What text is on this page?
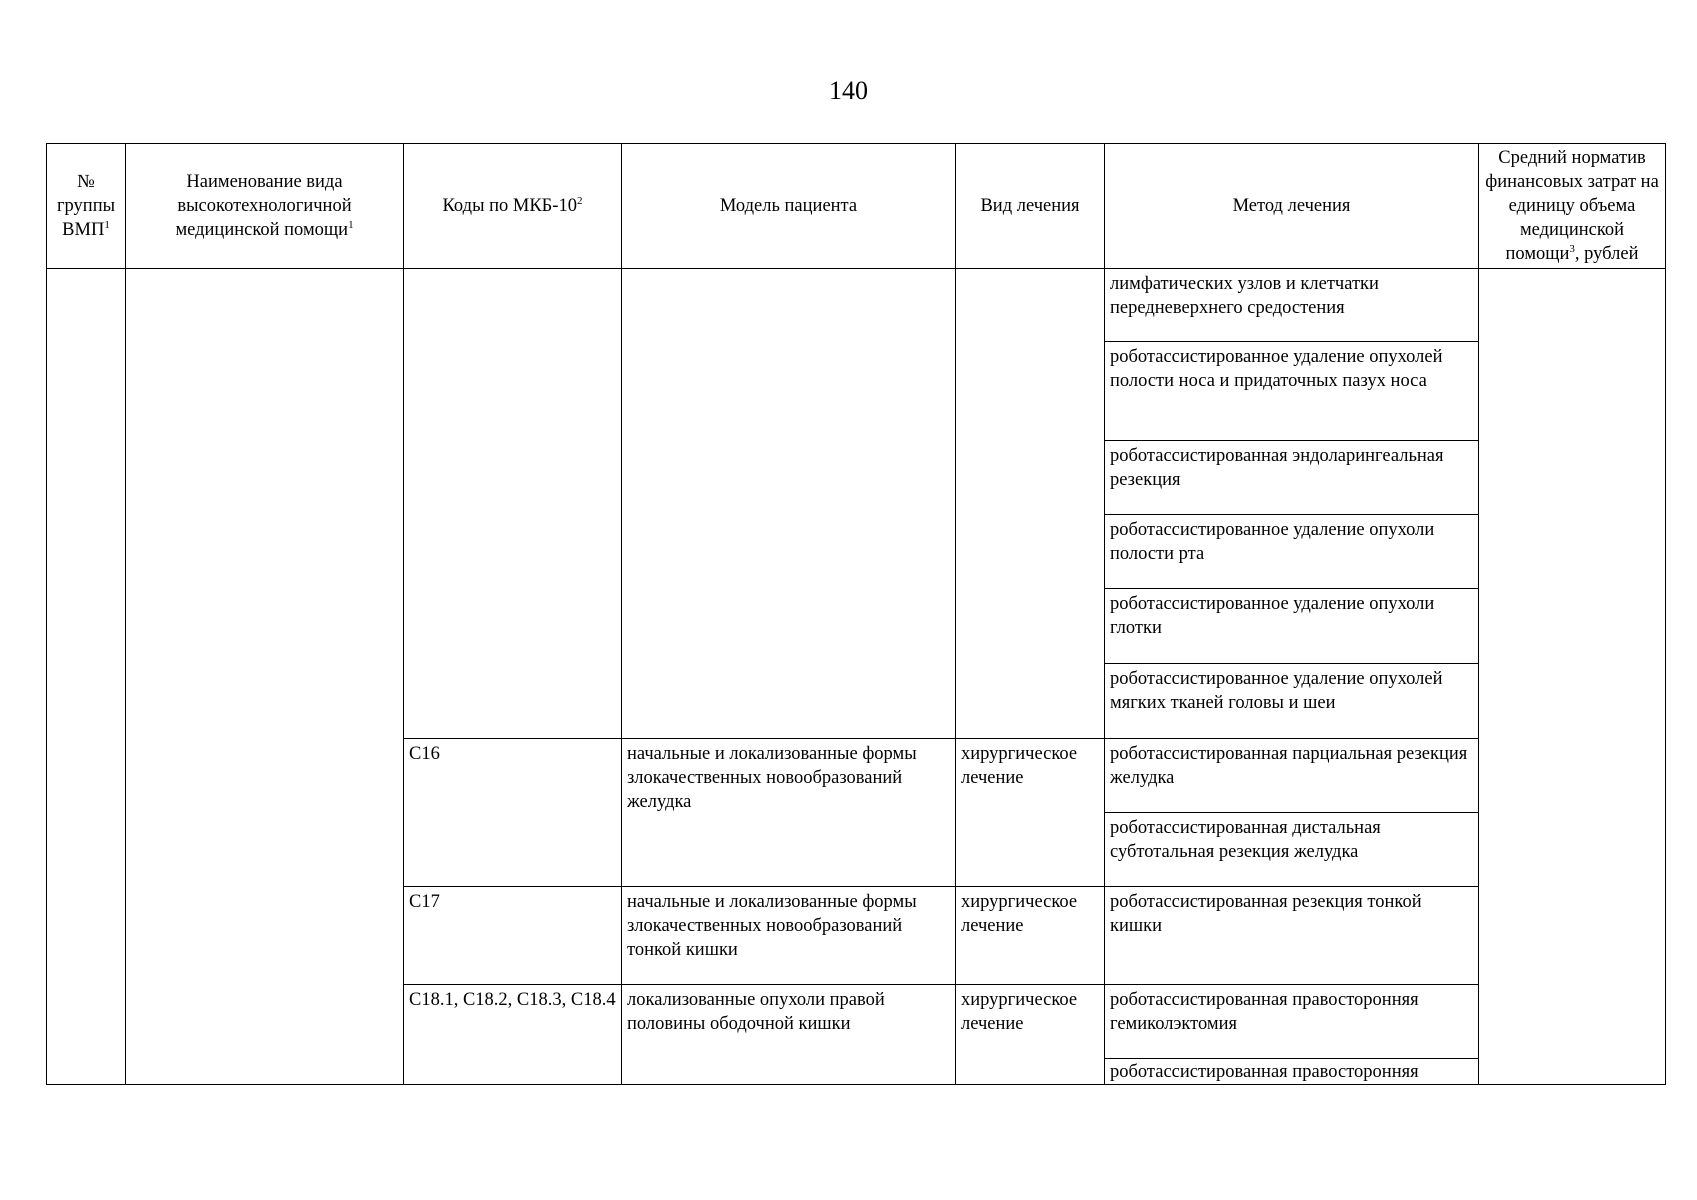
140
№ группы ВМП$^1$	Наименование вида высокотехнологичной медицинской помощи$^1$	Коды по МКБ-$10^2$	Модель пациента	Вид лечения	Метод лечения	Средний норматив финансовых затрат на единицу объема медицинской помощи$^3$, рублей
					лимфатических узлов и клетчатки передневерхнего средостения	
					роботассистированное удаление опухолей полости носа и придаточных пазух носа	
					роботассистированная эндоларингеальная резекция	
					роботассистированное удаление опухоли полости рта	
					роботассистированное удаление опухоли глотки	
					роботассистированное удаление опухолей мягких тканей головы и шеи	
		C16	начальные и локализованные формы злокачественных новообразований желудка	хирургическое лечение	роботассистированная парциальная резекция желудка	
					роботассистированная дистальная субтотальная резекция желудка	
		C17	начальные и локализованные формы злокачественных новообразований тонкой кишки	хирургическое лечение	роботассистированная резекция тонкой кишки	
		C18.1, C18.2, C18.3, C18.4	локализованные опухоли правой половины ободочной кишки	хирургическое лечение	роботассистированная правосторонняя гемиколэктомия	
					роботассистированная правосторонняя	
